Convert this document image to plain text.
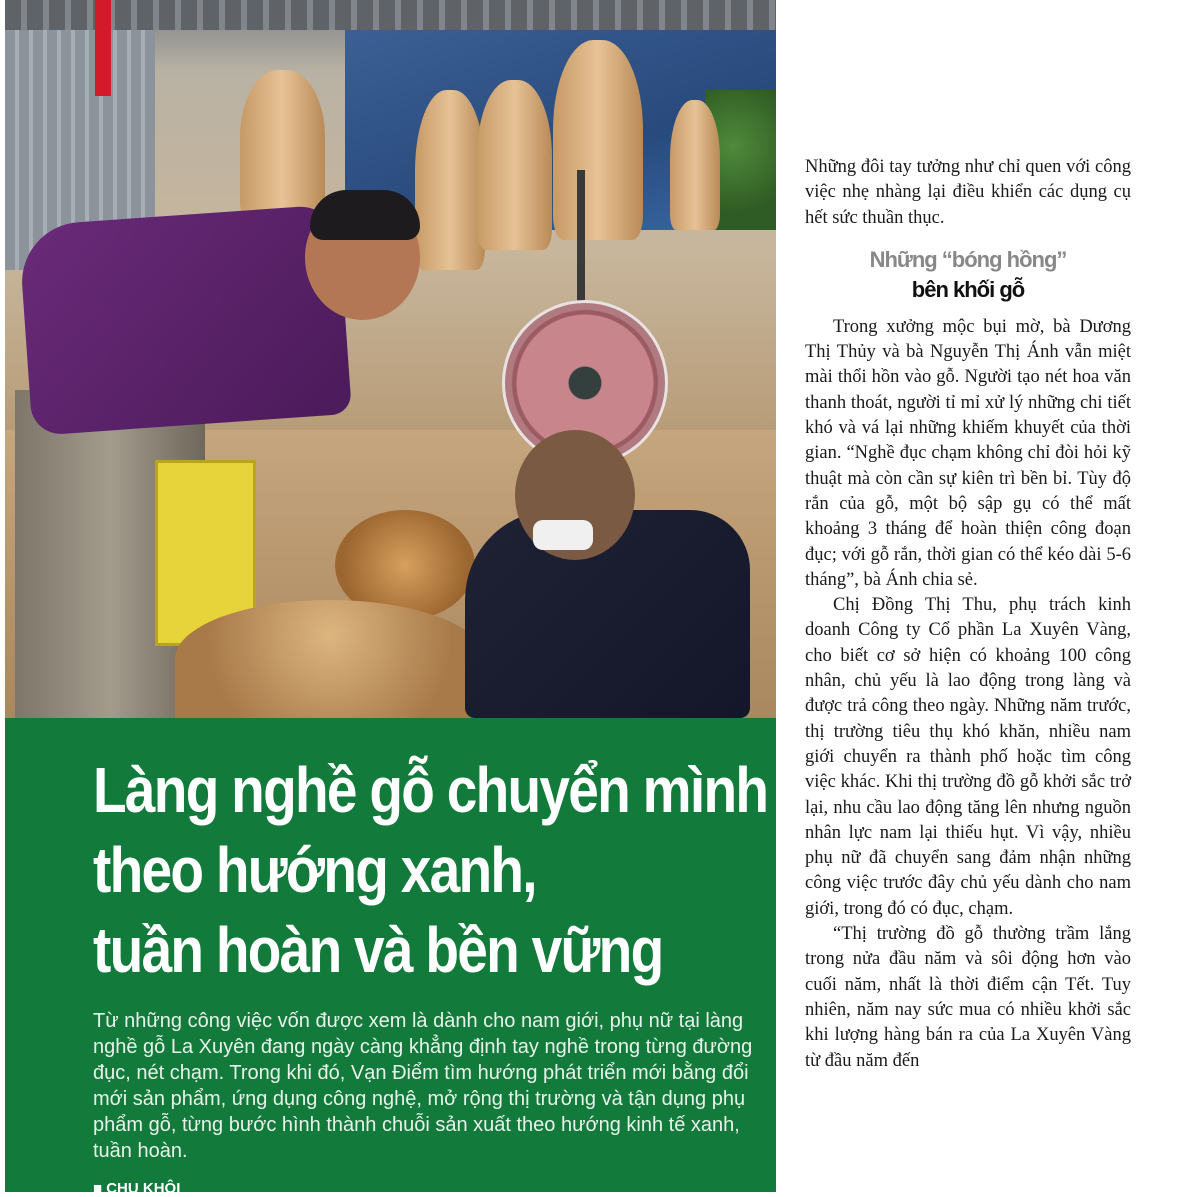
Làng nghề gỗ chuyển mình
theo hướng xanh,
tuần hoàn và bền vững

Từ những công việc vốn được xem là dành cho nam giới, phụ nữ tại làng nghề gỗ La Xuyên đang ngày càng khẳng định tay nghề trong từng đường đục, nét chạm. Trong khi đó, Vạn Điểm tìm hướng phát triển mới bằng đổi mới sản phẩm, ứng dụng công nghệ, mở rộng thị trường và tận dụng phụ phẩm gỗ, từng bước hình thành chuỗi sản xuất theo hướng kinh tế xanh, tuần hoàn.

■ CHU KHÔI

Những đôi tay tưởng như chỉ quen với công việc nhẹ nhàng lại điều khiển các dụng cụ hết sức thuần thục.

Những “bóng hồng”
bên khối gỗ

Trong xưởng mộc bụi mờ, bà Dương Thị Thủy và bà Nguyễn Thị Ánh vẫn miệt mài thổi hồn vào gỗ. Người tạo nét hoa văn thanh thoát, người tỉ mỉ xử lý những chi tiết khó và vá lại những khiếm khuyết của thời gian. “Nghề đục chạm không chỉ đòi hỏi kỹ thuật mà còn cần sự kiên trì bền bỉ. Tùy độ rắn của gỗ, một bộ sập gụ có thể mất khoảng 3 tháng để hoàn thiện công đoạn đục; với gỗ rắn, thời gian có thể kéo dài 5-6 tháng”, bà Ánh chia sẻ.

Chị Đồng Thị Thu, phụ trách kinh doanh Công ty Cổ phần La Xuyên Vàng, cho biết cơ sở hiện có khoảng 100 công nhân, chủ yếu là lao động trong làng và được trả công theo ngày. Những năm trước, thị trường tiêu thụ khó khăn, nhiều nam giới chuyển ra thành phố hoặc tìm công việc khác. Khi thị trường đồ gỗ khởi sắc trở lại, nhu cầu lao động tăng lên nhưng nguồn nhân lực nam lại thiếu hụt. Vì vậy, nhiều phụ nữ đã chuyển sang đảm nhận những công việc trước đây chủ yếu dành cho nam giới, trong đó có đục, chạm.

“Thị trường đồ gỗ thường trầm lắng trong nửa đầu năm và sôi động hơn vào cuối năm, nhất là thời điểm cận Tết. Tuy nhiên, năm nay sức mua có nhiều khởi sắc khi lượng hàng bán ra của La Xuyên Vàng từ đầu năm đến
